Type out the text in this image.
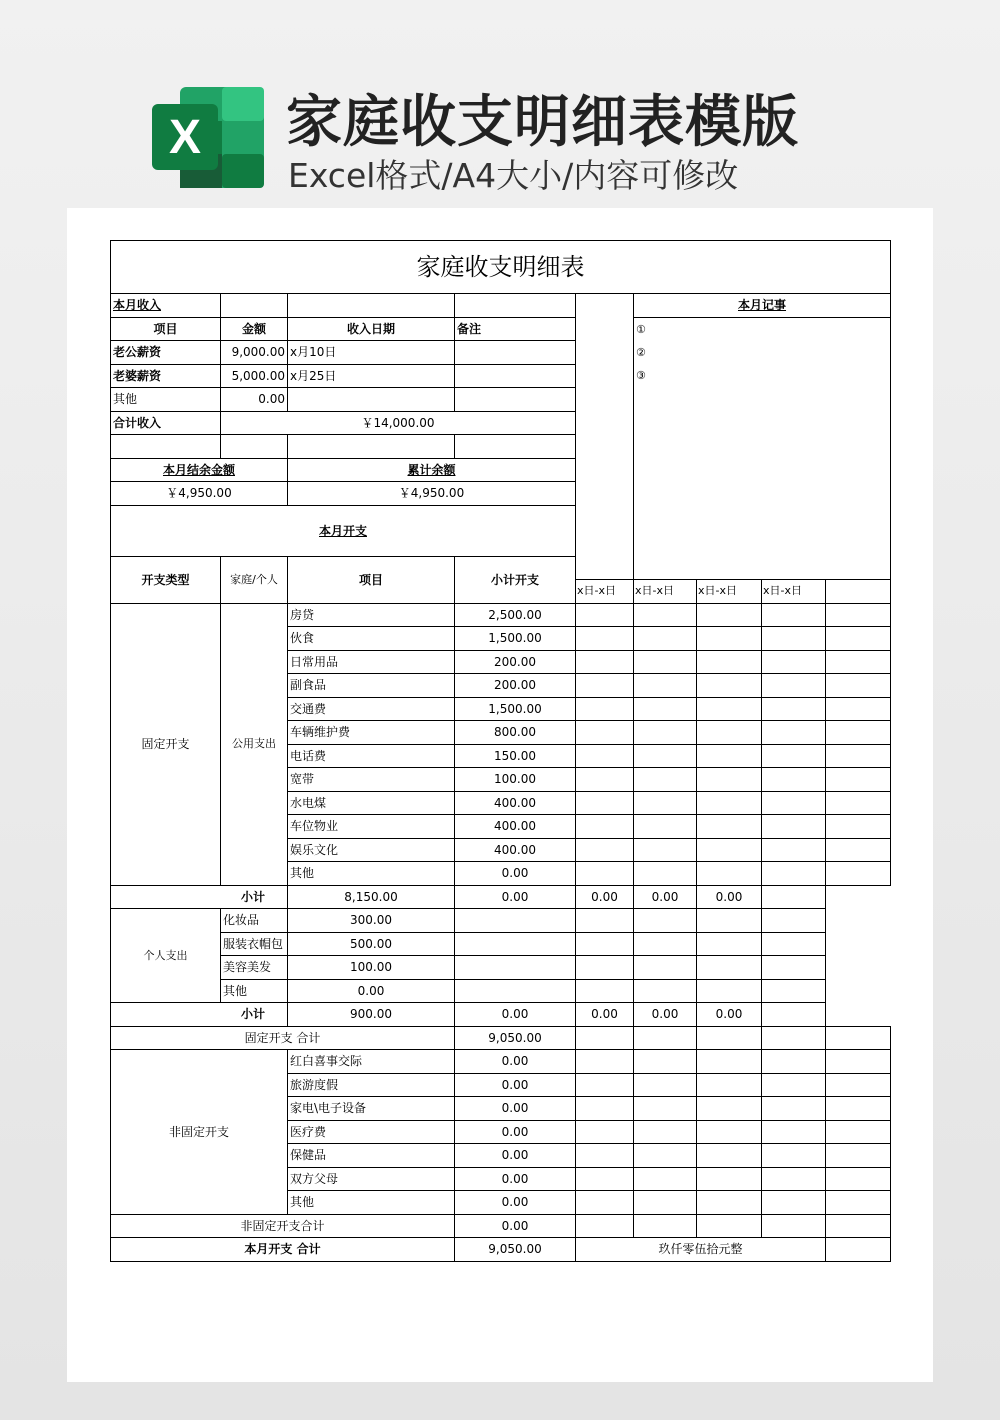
X 家庭收支明细表模版
Excel格式/A4大小/内容可修改
家庭收支明细表									
本月收入					本月记事				
项目	金额	收入日期	备注		①
②
③				

老公薪资	9,000.00	x月10日							
老婆薪资	5,000.00	x月25日							
其他	0.00								
合计收入	￥14,000.00								

本月结余金额		累计余额							
￥4,950.00		￥4,950.00							
本月开支									
开支类型	家庭/个人	项目	小计开支					
				x日-x日	x日-x日	x日-x日	x日-x日		
固定开支	公用支出	房贷	2,500.00						
		伙食	1,500.00						
		日常用品	200.00						
		副食品	200.00						
		交通费	1,500.00						
		车辆维护费	800.00						
		电话费	150.00						
		宽带	100.00						
		水电煤	400.00						
		车位物业	400.00						
		娱乐文化	400.00						
		其他	0.00						
小计		8,150.00	0.00	0.00	0.00	0.00			
个人支出	化妆品	300.00							
	服装衣帽包	500.00							
	美容美发	100.00							
	其他	0.00							
小计		900.00	0.00	0.00	0.00	0.00			
固定开支 合计			9,050.00						
非固定开支		红白喜事交际	0.00						
		旅游度假	0.00						
		家电\电子设备	0.00						
		医疗费	0.00						
		保健品	0.00						
		双方父母	0.00						
		其他	0.00						
非固定开支合计			0.00						
本月开支 合计			9,050.00	玖仟零伍拾元整					
